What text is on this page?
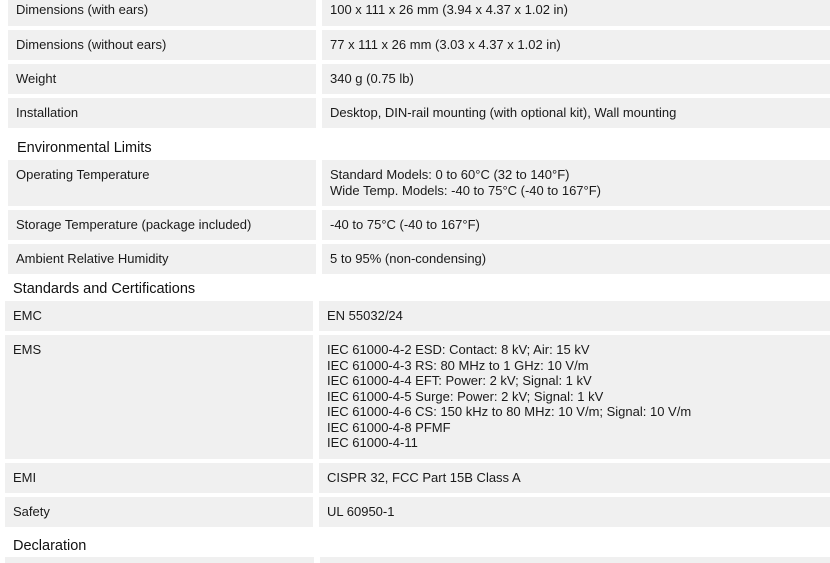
Dimensions (with ears)	100 x 111 x 26 mm (3.94 x 4.37 x 1.02 in)
Dimensions (without ears)	77 x 111 x 26 mm (3.03 x 4.37 x 1.02 in)
Weight	340 g (0.75 lb)
Installation	Desktop, DIN-rail mounting (with optional kit), Wall mounting
Environmental Limits
Operating Temperature	Standard Models: 0 to 60°C (32 to 140°F)
Wide Temp. Models: -40 to 75°C (-40 to 167°F)
Storage Temperature (package included)	-40 to 75°C (-40 to 167°F)
Ambient Relative Humidity	5 to 95% (non-condensing)
Standards and Certifications
EMC	EN 55032/24
EMS	IEC 61000-4-2 ESD: Contact: 8 kV; Air: 15 kV
IEC 61000-4-3 RS: 80 MHz to 1 GHz: 10 V/m
IEC 61000-4-4 EFT: Power: 2 kV; Signal: 1 kV
IEC 61000-4-5 Surge: Power: 2 kV; Signal: 1 kV
IEC 61000-4-6 CS: 150 kHz to 80 MHz: 10 V/m; Signal: 10 V/m
IEC 61000-4-8 PFMF
IEC 61000-4-11
EMI	CISPR 32, FCC Part 15B Class A
Safety	UL 60950-1
Declaration
